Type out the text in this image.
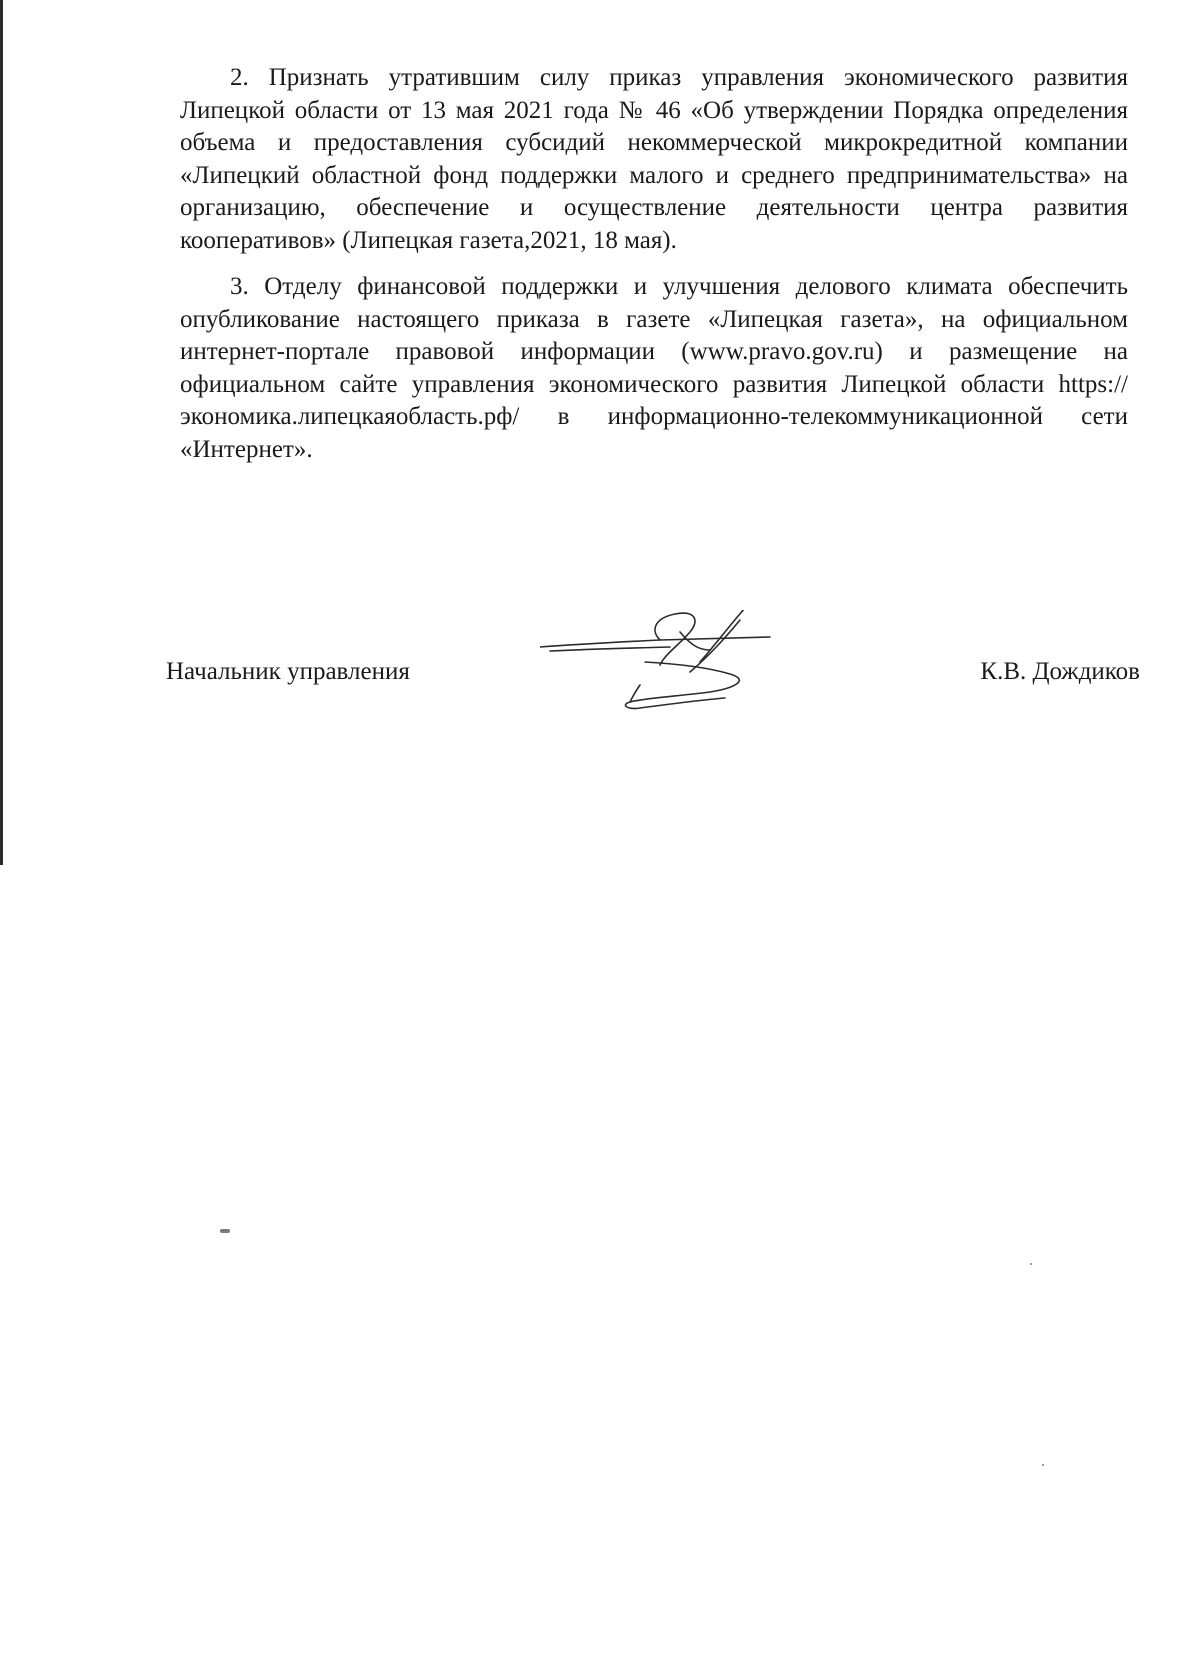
2. Признать утратившим силу приказ управления экономического развития Липецкой области от 13 мая 2021 года № 46 «Об утверждении Порядка определения объема и предоставления субсидий некоммерческой микрокредитной компании «Липецкий областной фонд поддержки малого и среднего предпринимательства» на организацию, обеспечение и осуществление деятельности центра развития кооперативов» (Липецкая газета,2021, 18 мая).

3. Отделу финансовой поддержки и улучшения делового климата обеспечить опубликование настоящего приказа в газете «Липецкая газета», на официальном интернет-портале правовой информации (www.pravo.gov.ru) и размещение на официальном сайте управления экономического развития Липецкой области https://экономика.липецкаяобласть.рф/ в информационно-телекоммуникационной сети «Интернет».

Начальник управления	К.В. Дождиков
